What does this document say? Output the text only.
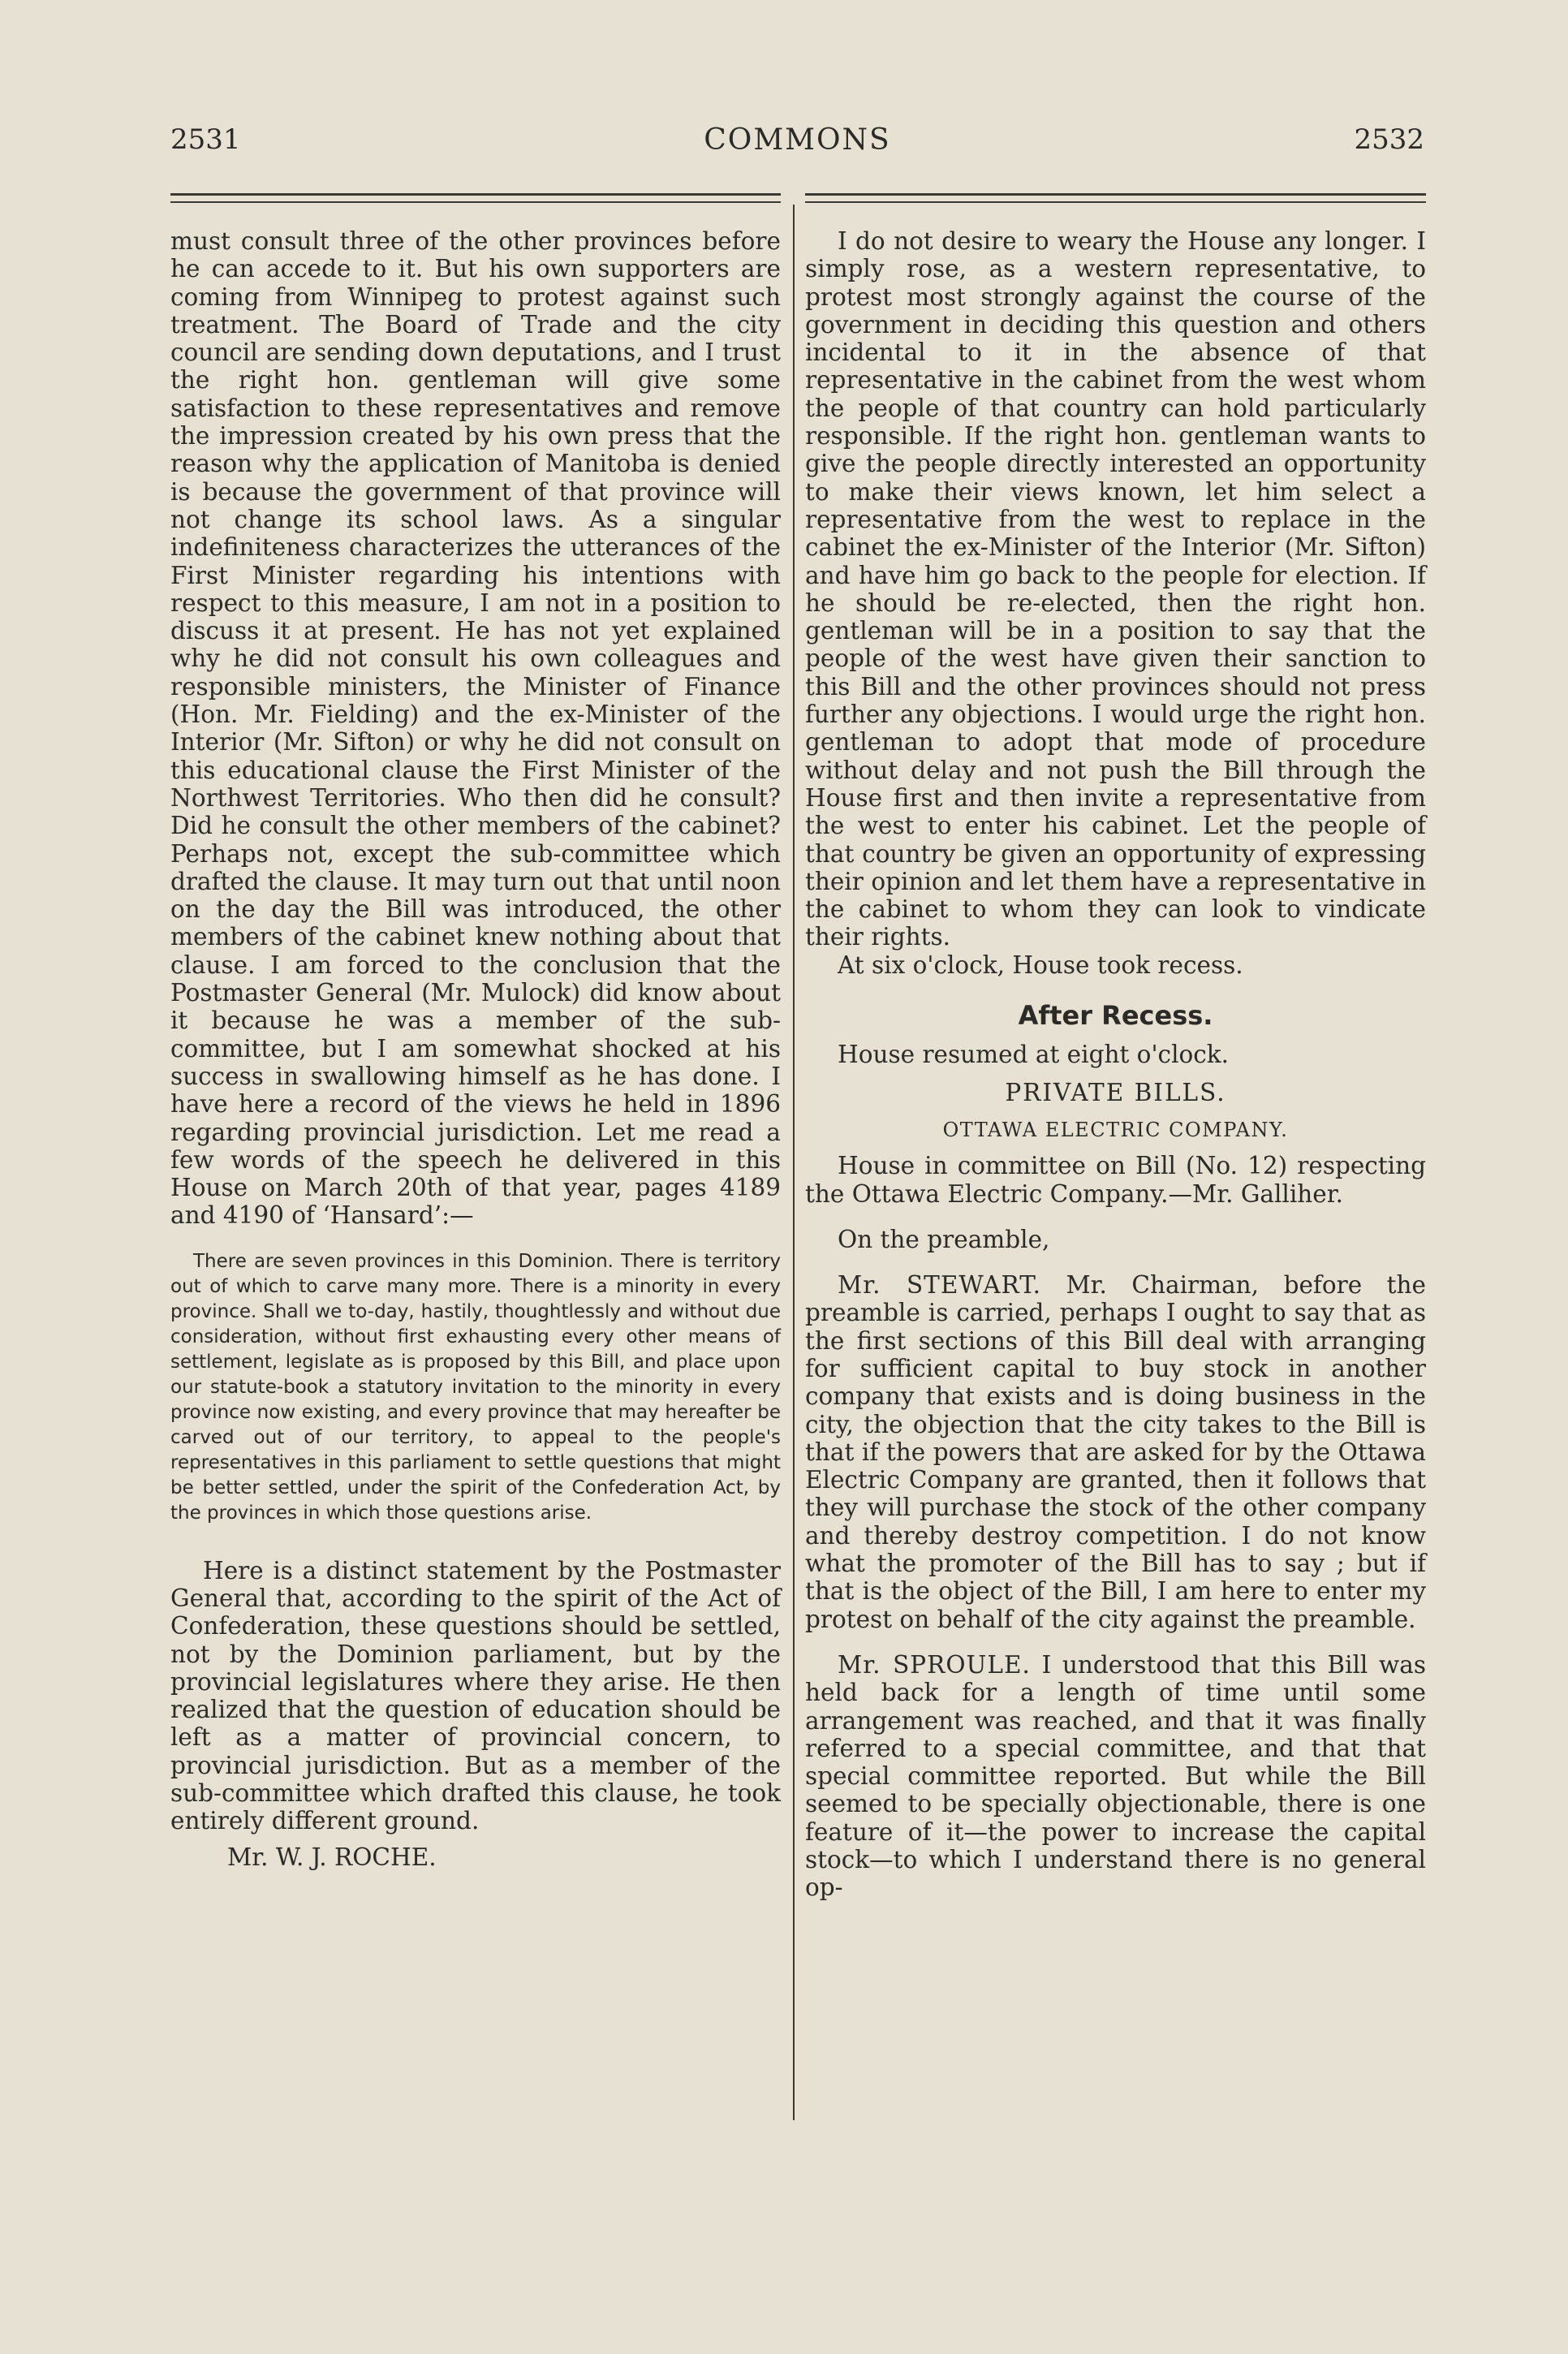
2531	COMMONS	2532

must consult three of the other provinces before he can accede to it. But his own supporters are coming from Winnipeg to protest against such treatment. The Board of Trade and the city council are sending down deputations, and I trust the right hon. gentleman will give some satisfaction to these representatives and remove the impression created by his own press that the reason why the application of Manitoba is denied is because the government of that province will not change its school laws. As a singular indefiniteness characterizes the utterances of the First Minister regarding his intentions with respect to this measure, I am not in a position to discuss it at present. He has not yet explained why he did not consult his own colleagues and responsible ministers, the Minister of Finance (Hon. Mr. Fielding) and the ex-Minister of the Interior (Mr. Sifton) or why he did not consult on this educational clause the First Minister of the Northwest Territories. Who then did he consult? Did he consult the other members of the cabinet? Perhaps not, except the sub-committee which drafted the clause. It may turn out that until noon on the day the Bill was introduced, the other members of the cabinet knew nothing about that clause. I am forced to the conclusion that the Postmaster General (Mr. Mulock) did know about it because he was a member of the sub-committee, but I am somewhat shocked at his success in swallowing himself as he has done. I have here a record of the views he held in 1896 regarding provincial jurisdiction. Let me read a few words of the speech he delivered in this House on March 20th of that year, pages 4189 and 4190 of ‘Hansard’:—

There are seven provinces in this Dominion. There is territory out of which to carve many more. There is a minority in every province. Shall we to-day, hastily, thoughtlessly and without due consideration, without first exhausting every other means of settlement, legislate as is proposed by this Bill, and place upon our statute-book a statutory invitation to the minority in every province now existing, and every province that may hereafter be carved out of our territory, to appeal to the people's representatives in this parliament to settle questions that might be better settled, under the spirit of the Confederation Act, by the provinces in which those questions arise.

Here is a distinct statement by the Postmaster General that, according to the spirit of the Act of Confederation, these questions should be settled, not by the Dominion parliament, but by the provincial legislatures where they arise. He then realized that the question of education should be left as a matter of provincial concern, to provincial jurisdiction. But as a member of the sub-committee which drafted this clause, he took entirely different ground.

Mr. W. J. ROCHE.

I do not desire to weary the House any longer. I simply rose, as a western representative, to protest most strongly against the course of the government in deciding this question and others incidental to it in the absence of that representative in the cabinet from the west whom the people of that country can hold particularly responsible. If the right hon. gentleman wants to give the people directly interested an opportunity to make their views known, let him select a representative from the west to replace in the cabinet the ex-Minister of the Interior (Mr. Sifton) and have him go back to the people for election. If he should be re-elected, then the right hon. gentleman will be in a position to say that the people of the west have given their sanction to this Bill and the other provinces should not press further any objections. I would urge the right hon. gentleman to adopt that mode of procedure without delay and not push the Bill through the House first and then invite a representative from the west to enter his cabinet. Let the people of that country be given an opportunity of expressing their opinion and let them have a representative in the cabinet to whom they can look to vindicate their rights.

At six o'clock, House took recess.

After Recess.

House resumed at eight o'clock.

PRIVATE BILLS.

OTTAWA ELECTRIC COMPANY.

House in committee on Bill (No. 12) respecting the Ottawa Electric Company.—Mr. Galliher.

On the preamble,

Mr. STEWART. Mr. Chairman, before the preamble is carried, perhaps I ought to say that as the first sections of this Bill deal with arranging for sufficient capital to buy stock in another company that exists and is doing business in the city, the objection that the city takes to the Bill is that if the powers that are asked for by the Ottawa Electric Company are granted, then it follows that they will purchase the stock of the other company and thereby destroy competition. I do not know what the promoter of the Bill has to say ; but if that is the object of the Bill, I am here to enter my protest on behalf of the city against the preamble.

Mr. SPROULE. I understood that this Bill was held back for a length of time until some arrangement was reached, and that it was finally referred to a special committee, and that that special committee reported. But while the Bill seemed to be specially objectionable, there is one feature of it—the power to increase the capital stock—to which I understand there is no general op-
